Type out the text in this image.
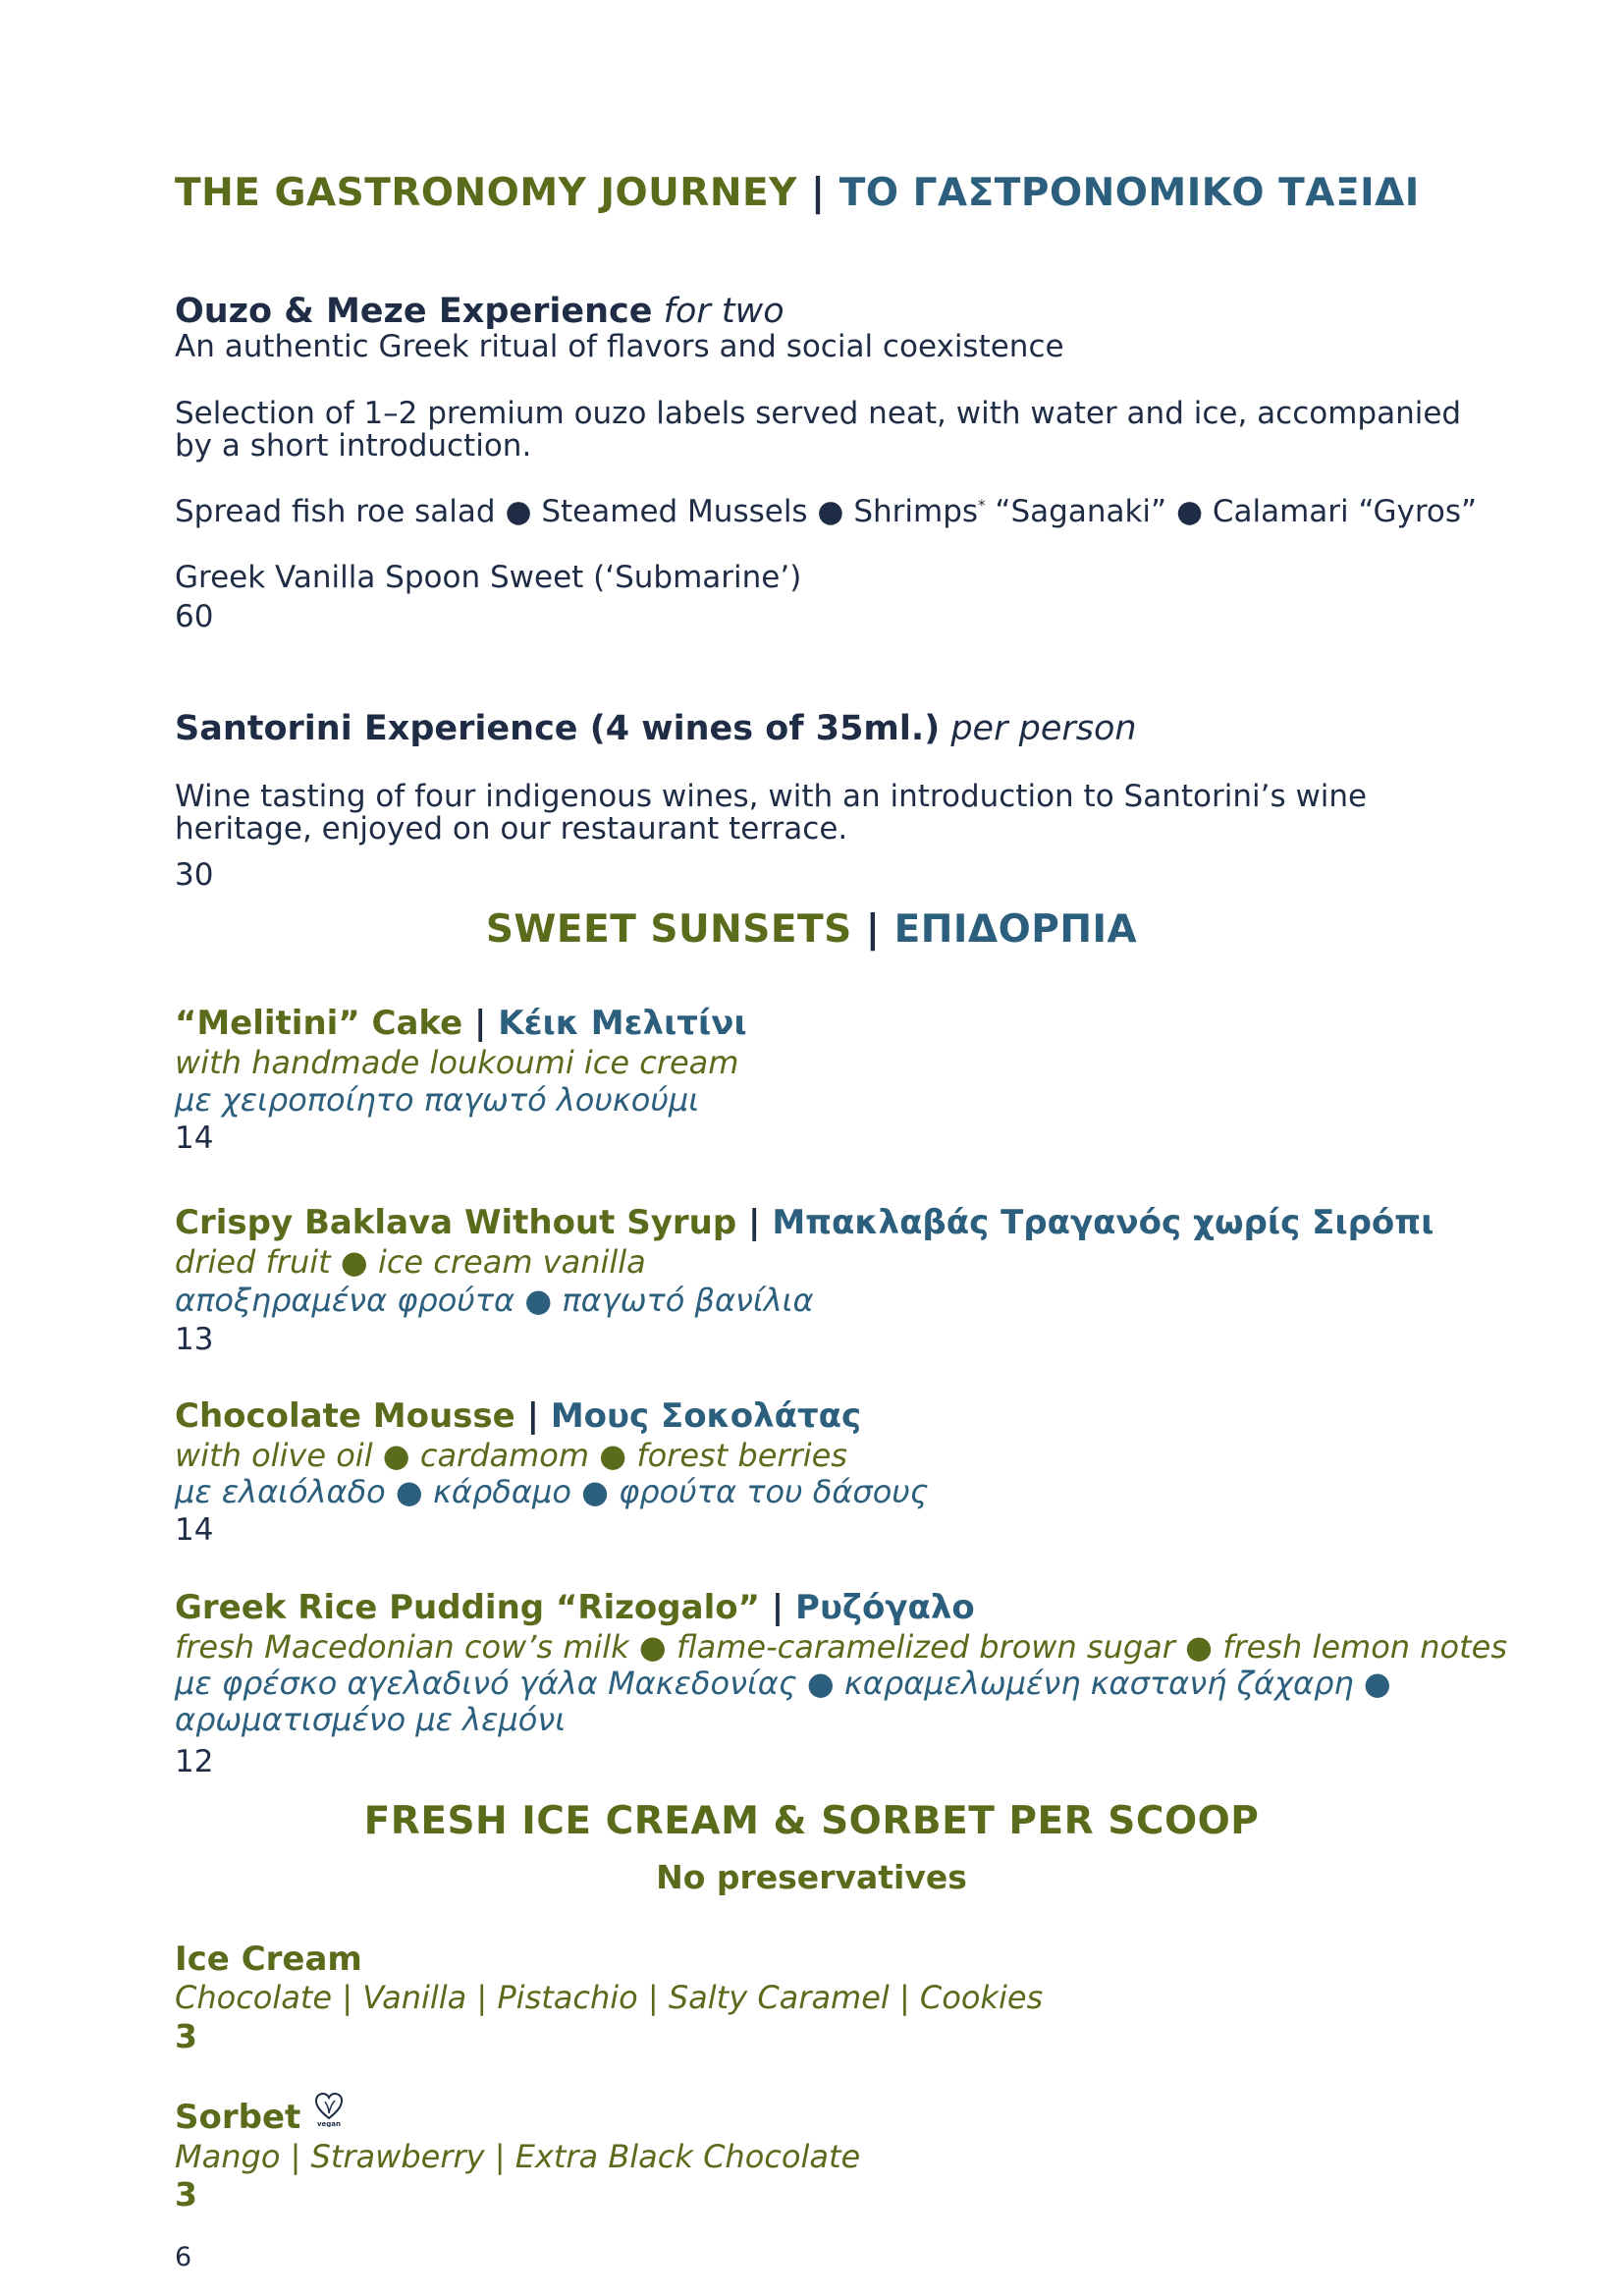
THE GASTRONOMY JOURNEY | ΤΟ ΓΑΣΤΡΟΝΟΜΙΚΟ ΤΑΞΙΔΙ
Ouzo & Meze Experience for two
An authentic Greek ritual of flavors and social coexistence
Selection of 1–2 premium ouzo labels served neat, with water and ice, accompanied
by a short introduction.
Spread fish roe salad ● Steamed Mussels ● Shrimps* “Saganaki” ● Calamari “Gyros”
Greek Vanilla Spoon Sweet (‘Submarine’)
60
Santorini Experience (4 wines of 35ml.) per person
Wine tasting of four indigenous wines, with an introduction to Santorini’s wine
heritage, enjoyed on our restaurant terrace.
30
SWEET SUNSETS | ΕΠΙΔΟΡΠΙΑ
“Melitini” Cake | Κέικ Μελιτίνι
with handmade loukoumi ice cream
με χειροποίητο παγωτό λουκούμι
14
Crispy Baklava Without Syrup | Μπακλαβάς Τραγανός χωρίς Σιρόπι
dried fruit ● ice cream vanilla
αποξηραμένα φρούτα ● παγωτό βανίλια
13
Chocolate Mousse | Μους Σοκολάτας
with olive oil ● cardamom ● forest berries
με ελαιόλαδο ● κάρδαμο ● φρούτα του δάσους
14
Greek Rice Pudding “Rizogalo” | Ρυζόγαλο
fresh Macedonian cow’s milk ● flame-caramelized brown sugar ● fresh lemon notes
με φρέσκο αγελαδινό γάλα Μακεδονίας ● καραμελωμένη καστανή ζάχαρη ●
αρωματισμένο με λεμόνι
12
FRESH ICE CREAM & SORBET PER SCOOP
No preservatives
Ice Cream
Chocolate | Vanilla | Pistachio | Salty Caramel | Cookies
3
Sorbet vegan
Mango | Strawberry | Extra Black Chocolate
3
6
